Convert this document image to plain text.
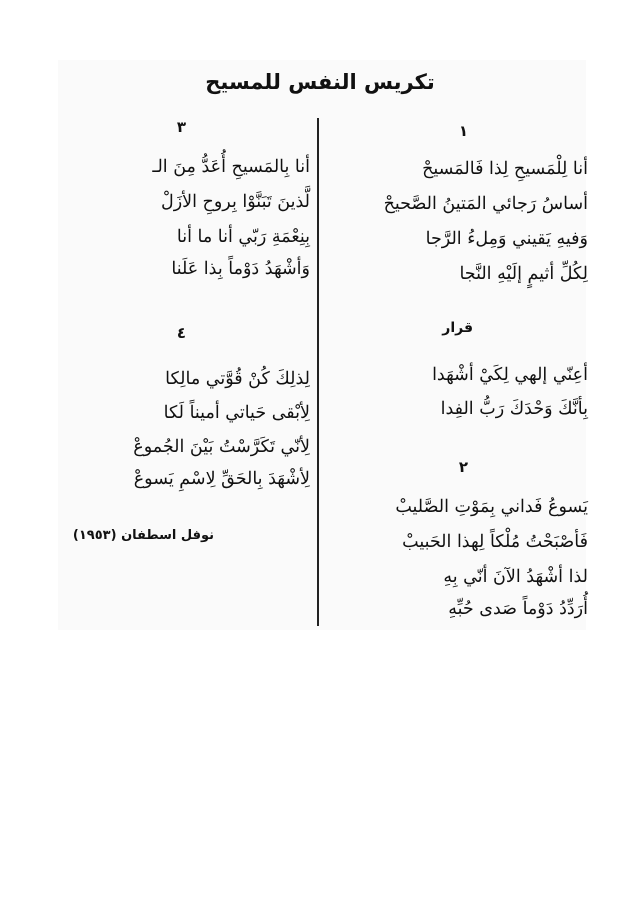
تكريس النفس للمسيح
١
أنا لِلْمَسيحِ لِذا فَالمَسيحْ
أساسُ رَجائي المَتينُ الصَّحيحْ
وَفيهِ يَقيني وَمِلءُ الرَّجا
لِكُلِّ أثيمٍ إلَيْهِ النَّجا
قرار
أعِنّي إلهي لِكَيْ أشْهَدا
بِأنَّكَ وَحْدَكَ رَبُّ الفِدا
٢
يَسوعُ فَداني بِمَوْتِ الصَّليبْ
فَأصْبَحْتُ مُلْكاً لِهذا الحَبيبْ
لذا أشْهَدُ الآنَ أنّي بِهِ
أُرَدِّدُ دَوْماً صَدى حُبِّهِ
٣
أنا بِالمَسيحِ أُعَدُّ مِنَ الـ
لَّذينَ تَبَنَّوْا بِروحِ الأزَلْ
بِنِعْمَةِ رَبّي أنا ما أنا
وَأشْهَدُ دَوْماً بِذا عَلَنا
٤
لِذلِكَ كُنْ قُوَّتي مالِكا
لِأبْقى حَياتي أميناً لَكا
لِأنّي تَكَرَّسْتُ بَيْنَ الجُموعْ
لِأشْهَدَ بِالحَقِّ لِاسْمِ يَسوعْ
نوفل اسطفان (١٩٥٣)
